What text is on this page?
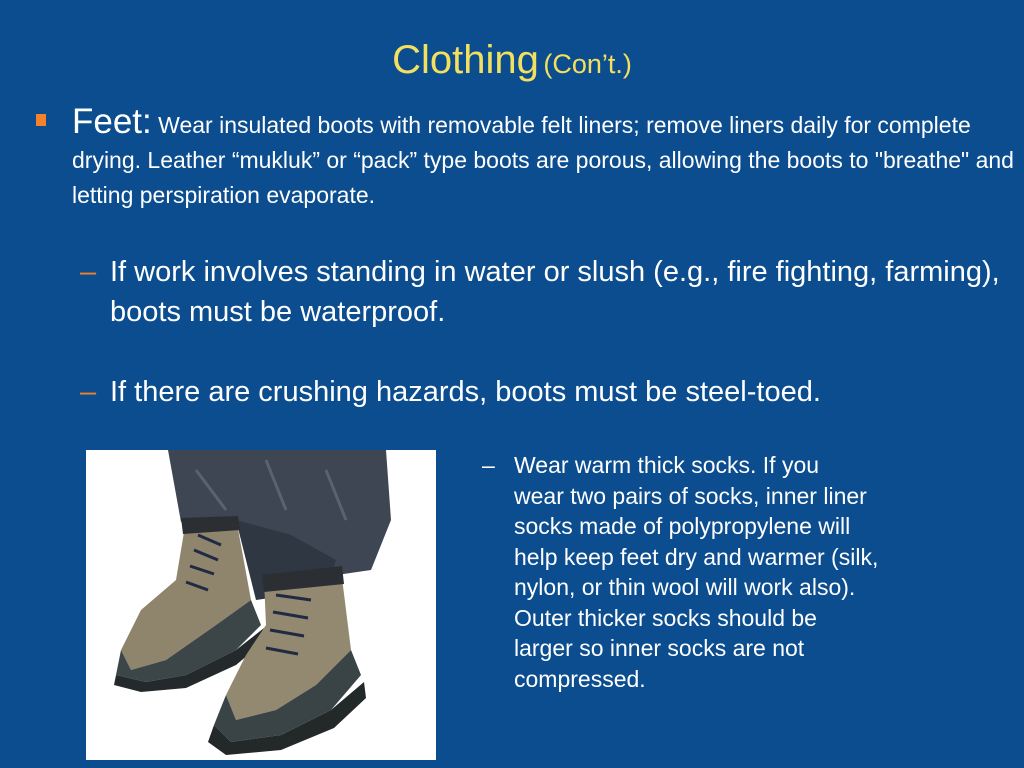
Clothing (Con’t.)
Feet: Wear insulated boots with removable felt liners; remove liners daily for complete drying. Leather “mukluk” or “pack” type boots are porous, allowing the boots to "breathe" and letting perspiration evaporate.
– If work involves standing in water or slush (e.g., fire fighting, farming), boots must be waterproof.
– If there are crushing hazards, boots must be steel-toed.
– Wear warm thick socks. If you
wear two pairs of socks, inner liner
socks made of polypropylene will
help keep feet dry and warmer (silk,
nylon, or thin wool will work also).
Outer thicker socks should be
larger so inner socks are not
compressed.
